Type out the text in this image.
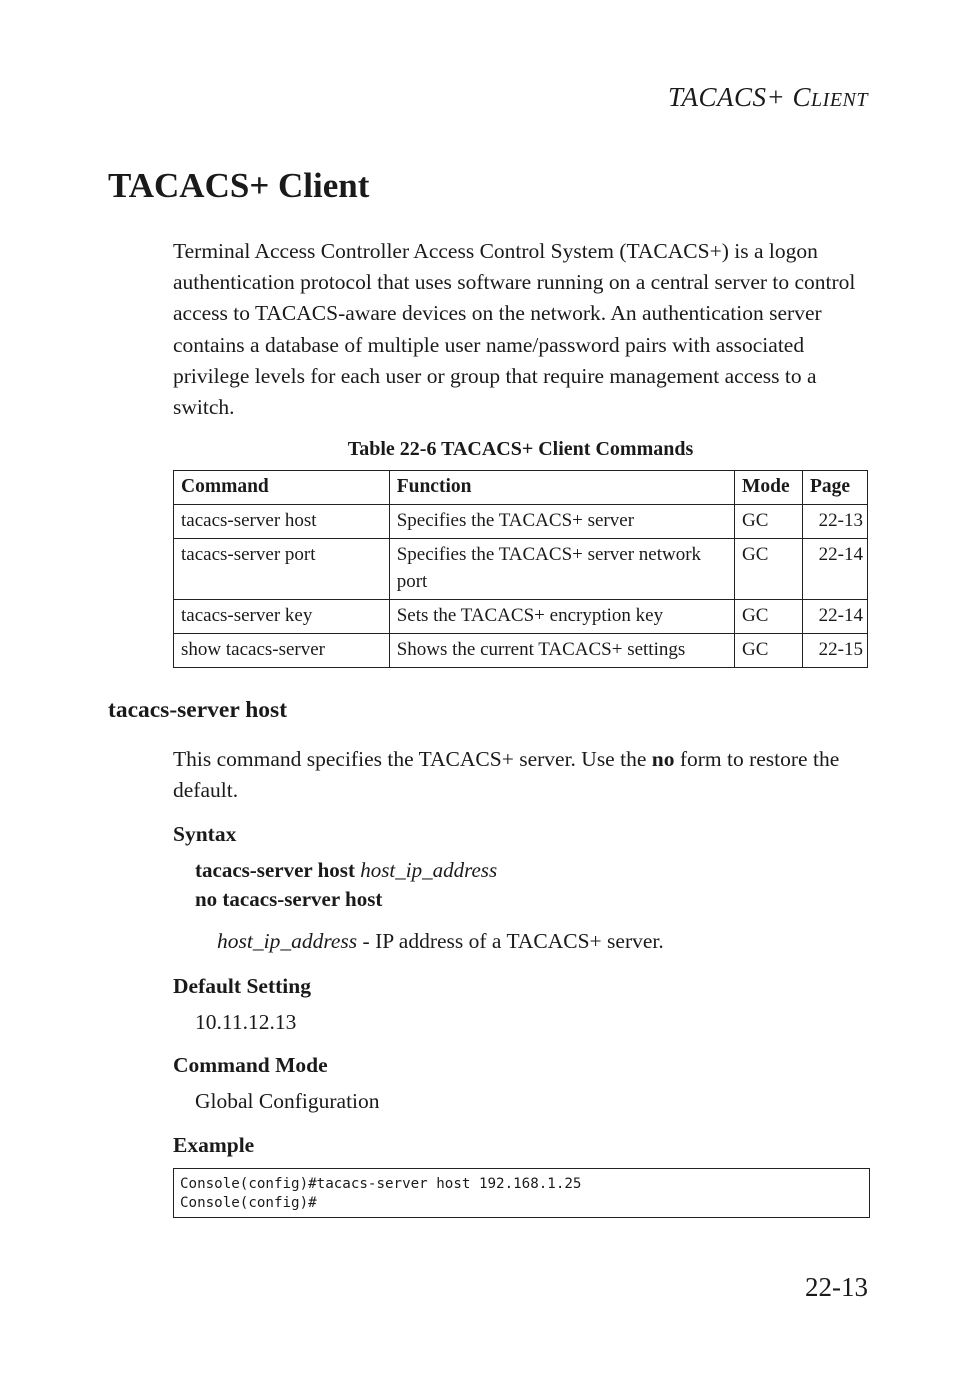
TACACS+ CLIENT
TACACS+ Client

Terminal Access Controller Access Control System (TACACS+) is a logon authentication protocol that uses software running on a central server to control access to TACACS-aware devices on the network. An authentication server contains a database of multiple user name/password pairs with associated privilege levels for each user or group that require management access to a switch.

Table 22-6 TACACS+ Client Commands

Command	Function	Mode	Page
tacacs-server host	Specifies the TACACS+ server	GC	22-13
tacacs-server port	Specifies the TACACS+ server network port	GC	22-14
tacacs-server key	Sets the TACACS+ encryption key	GC	22-14
show tacacs-server	Shows the current TACACS+ settings	GC	22-15
tacacs-server host

This command specifies the TACACS+ server. Use the no form to restore the default.

Syntax

tacacs-server host host_ip_address

no tacacs-server host

host_ip_address - IP address of a TACACS+ server.

Default Setting

10.11.12.13

Command Mode

Global Configuration

Example
Console(config)#tacacs-server host 192.168.1.25
Console(config)#

22-13
